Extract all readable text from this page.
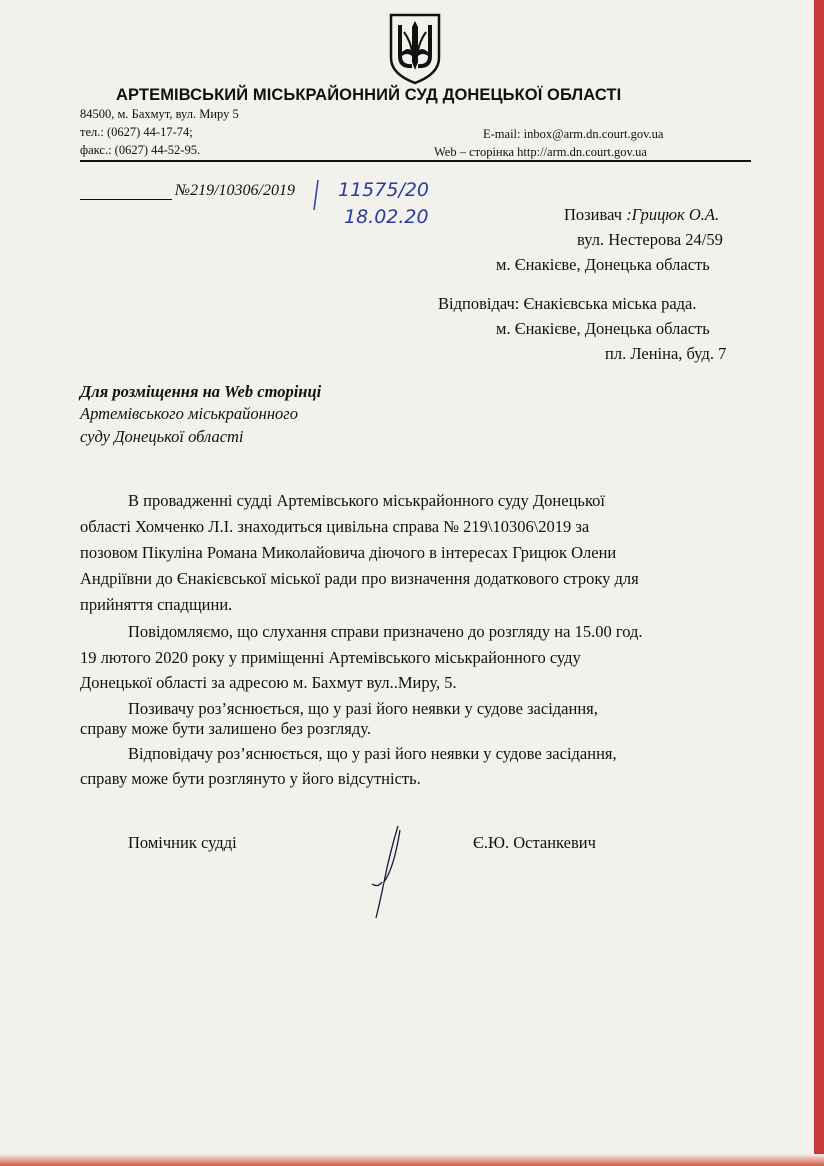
АРТЕМІВСЬКИЙ МІСЬКРАЙОННИЙ СУД ДОНЕЦЬКОЇ ОБЛАСТІ
84500, м. Бахмут, вул. Миру 5
тел.: (0627) 44-17-74;
факс.: (0627) 44-52-95.
E-mail: inbox@arm.dn.court.gov.ua
Web – сторінка http://arm.dn.court.gov.ua
№219/10306/2019 11575/20
18.02.20	Позивач :Грицюк О.А.
вул. Нестерова 24/59
м. Єнакієве, Донецька область
Відповідач: Єнакієвська міська рада.
м. Єнакієве, Донецька область
пл. Леніна, буд. 7
Для розміщення на Web сторінці
Артемівського міськрайонного
суду Донецької області
В провадженні судді Артемівського міськрайонного суду Донецької
області Хомченко Л.І. знаходиться цивільна справа № 219\10306\2019 за
позовом Пікуліна Романа Миколайовича діючого в інтересах Грицюк Олени
Андріївни до Єнакієвської міської ради про визначення додаткового строку для
прийняття спадщини.
Повідомляємо, що слухання справи призначено до розгляду на 15.00 год.
19 лютого 2020 року у приміщенні Артемівського міськрайонного суду
Донецької області за адресою м. Бахмут вул..Миру, 5.
Позивачу роз’яснюється, що у разі його неявки у судове засідання,
справу може бути залишено без розгляду.
Відповідачу роз’яснюється, що у разі його неявки у судове засідання,
справу може бути розглянуто у його відсутність.
Помічник судді	Є.Ю. Останкевич
